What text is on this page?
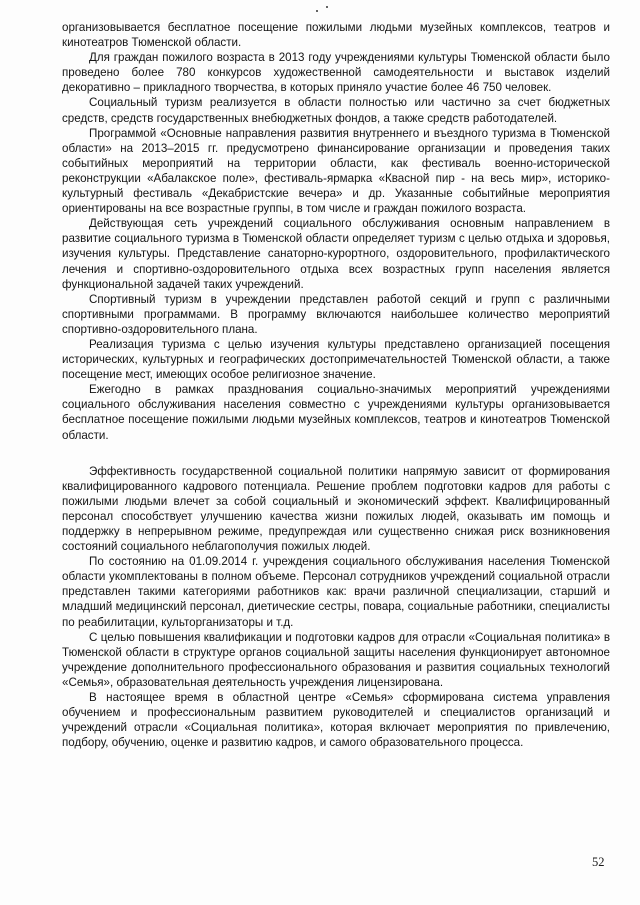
организовывается бесплатное посещение пожилыми людьми музейных комплексов, театров и кинотеатров Тюменской области.

Для граждан пожилого возраста в 2013 году учреждениями культуры Тюменской области было проведено более 780 конкурсов художественной самодеятельности и выставок изделий декоративно – прикладного творчества, в которых приняло участие более 46 750 человек.

Социальный туризм реализуется в области полностью или частично за счет бюджетных средств, средств государственных внебюджетных фондов, а также средств работодателей.

Программой «Основные направления развития внутреннего и въездного туризма в Тюменской области» на 2013–2015 гг. предусмотрено финансирование организации и проведения таких событийных мероприятий на территории области, как фестиваль военно-исторической реконструкции «Абалакское поле», фестиваль-ярмарка «Квасной пир - на весь мир», историко-культурный фестиваль «Декабристские вечера» и др. Указанные событийные мероприятия ориентированы на все возрастные группы, в том числе и граждан пожилого возраста.

Действующая сеть учреждений социального обслуживания основным направлением в развитие социального туризма в Тюменской области определяет туризм с целью отдыха и здоровья, изучения культуры. Представление санаторно-курортного, оздоровительного, профилактического лечения и спортивно-оздоровительного отдыха всех возрастных групп населения является функциональной задачей таких учреждений.

Спортивный туризм в учреждении представлен работой секций и групп с различными спортивными программами. В программу включаются наибольшее количество мероприятий спортивно-оздоровительного плана.

Реализация туризма с целью изучения культуры представлено организацией посещения исторических, культурных и географических достопримечательностей Тюменской области, а также посещение мест, имеющих особое религиозное значение.

Ежегодно в рамках празднования социально-значимых мероприятий учреждениями социального обслуживания населения совместно с учреждениями культуры организовывается бесплатное посещение пожилыми людьми музейных комплексов, театров и кинотеатров Тюменской области.

Эффективность государственной социальной политики напрямую зависит от формирования квалифицированного кадрового потенциала. Решение проблем подготовки кадров для работы с пожилыми людьми влечет за собой социальный и экономический эффект. Квалифицированный персонал способствует улучшению качества жизни пожилых людей, оказывать им помощь и поддержку в непрерывном режиме, предупреждая или существенно снижая риск возникновения состояний социального неблагополучия пожилых людей.

По состоянию на 01.09.2014 г. учреждения социального обслуживания населения Тюменской области укомплектованы в полном объеме. Персонал сотрудников учреждений социальной отрасли представлен такими категориями работников как: врачи различной специализации, старший и младший медицинский персонал, диетические сестры, повара, социальные работники, специалисты по реабилитации, культорганизаторы и т.д.

С целью повышения квалификации и подготовки кадров для отрасли «Социальная политика» в Тюменской области в структуре органов социальной защиты населения функционирует автономное учреждение дополнительного профессионального образования и развития социальных технологий «Семья», образовательная деятельность учреждения лицензирована.

В настоящее время в областной центре «Семья» сформирована система управления обучением и профессиональным развитием руководителей и специалистов организаций и учреждений отрасли «Социальная политика», которая включает мероприятия по привлечению, подбору, обучению, оценке и развитию кадров, и самого образовательного процесса.

52
